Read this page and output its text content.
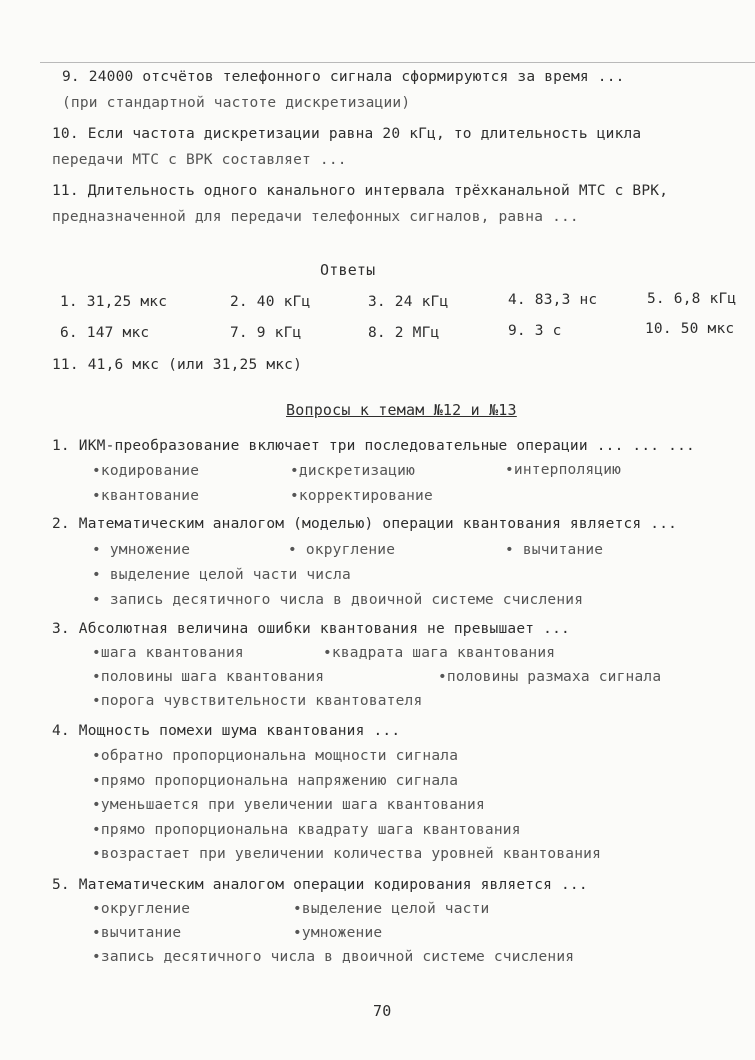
9. 24000 отсчётов телефонного сигнала сформируются за время ...
(при стандартной частоте дискретизации)
10. Если частота дискретизации равна 20 кГц, то длительность цикла
передачи МТС с ВРК составляет ...
11. Длительность одного канального интервала трёхканальной МТС с ВРК,
предназначенной для передачи телефонных сигналов, равна ...
Ответы
1. 31,25 мкс	2. 40 кГц	3. 24 кГц	4. 83,3 нс	5. 6,8 кГц
6. 147 мкс	7. 9 кГц	8. 2 МГц	9. 3 с	10. 50 мкс
11. 41,6 мкс (или 31,25 мкс)
Вопросы к темам №12 и №13
1. ИКМ-преобразование включает три последовательные операции ... ... ...
•кодирование	•дискретизацию	•интерполяцию
•квантование	•корректирование
2. Математическим аналогом (моделью) операции квантования является ...
• умножение	• округление	• вычитание
• выделение целой части числа
• запись десятичного числа в двоичной системе счисления
3. Абсолютная величина ошибки квантования не превышает ...
•шага квантования	•квадрата шага квантования
•половины шага квантования	•половины размаха сигнала
•порога чувствительности квантователя
4. Мощность помехи шума квантования ...
•обратно пропорциональна мощности сигнала
•прямо пропорциональна напряжению сигнала
•уменьшается при увеличении шага квантования
•прямо пропорциональна квадрату шага квантования
•возрастает при увеличении количества уровней квантования
5. Математическим аналогом операции кодирования является ...
•округление	•выделение целой части
•вычитание	•умножение
•запись десятичного числа в двоичной системе счисления
70
